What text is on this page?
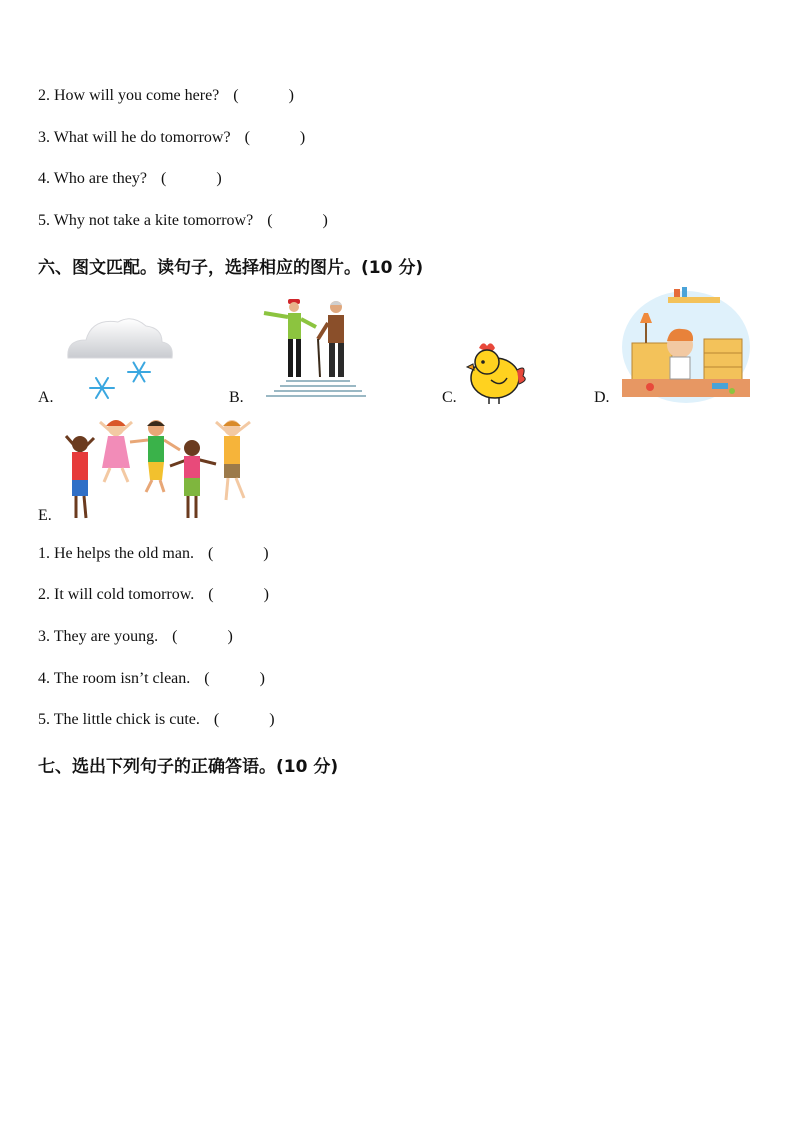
2. How will you come here? (	)
3. What will he do tomorrow? (	)
4. Who are they? (	)
5. Why not take a kite tomorrow? (	)
六、图文匹配。读句子，选择相应的图片。(10 分)
A.	B.	C.	D.
E.
1. He helps the old man. (	)
2. It will cold tomorrow. (	)
3. They are young. (	)
4. The room isn’t clean. (	)
5. The little chick is cute. (	)
七、选出下列句子的正确答语。(10 分)
